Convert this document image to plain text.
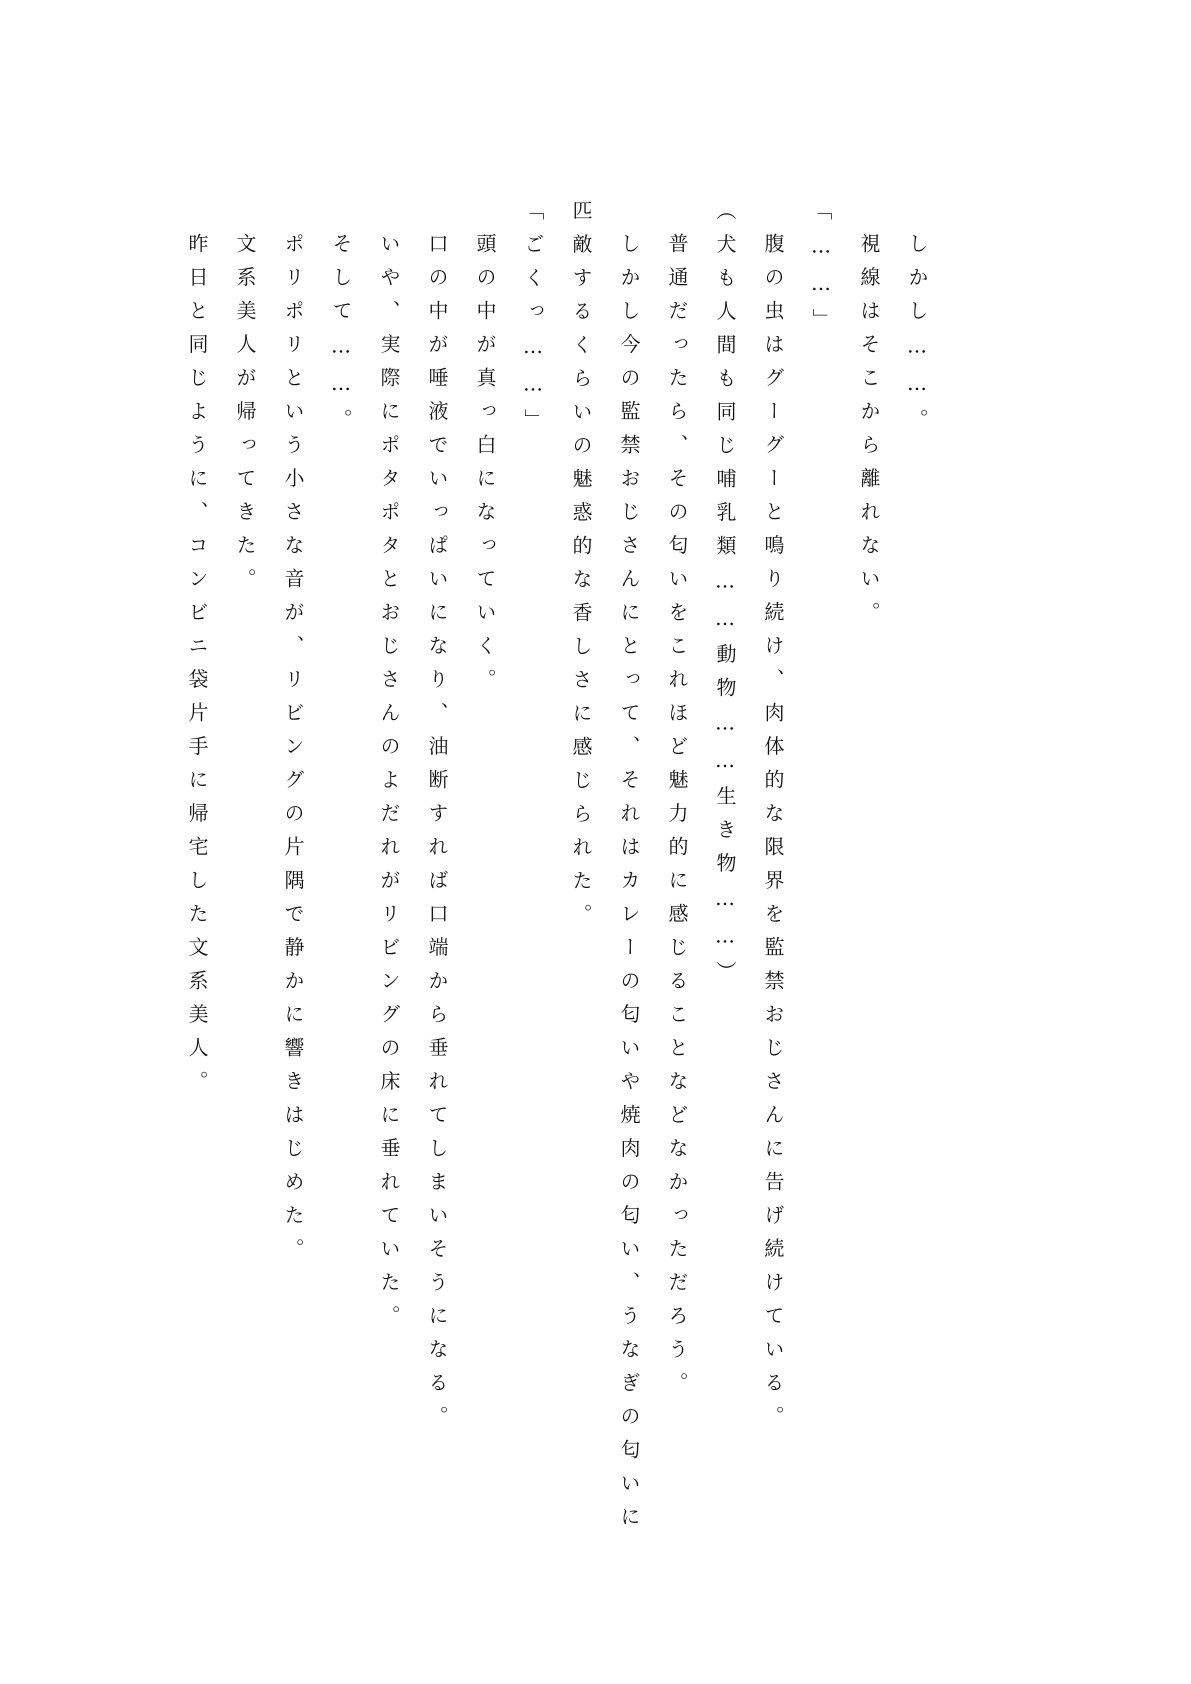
しかし……。
視線はそこから離れない。
「……」
腹の虫はグーグーと鳴り続け、肉体的な限界を監禁おじさんに告げ続けている。
（犬も人間も同じ哺乳類……動物……生き物……）
普通だったら、その匂いをこれほど魅力的に感じることなどなかっただろう。
しかし今の監禁おじさんにとって、それはカレーの匂いや焼肉の匂い、うなぎの匂いに
匹敵するくらいの魅惑的な香しさに感じられた。
「ごくっ……」
頭の中が真っ白になっていく。
口の中が唾液でいっぱいになり、油断すれば口端から垂れてしまいそうになる。
いや、実際にポタポタとおじさんのよだれがリビングの床に垂れていた。
そして……。
ポリポリという小さな音が、リビングの片隅で静かに響きはじめた。
文系美人が帰ってきた。
昨日と同じように、コンビニ袋片手に帰宅した文系美人。
